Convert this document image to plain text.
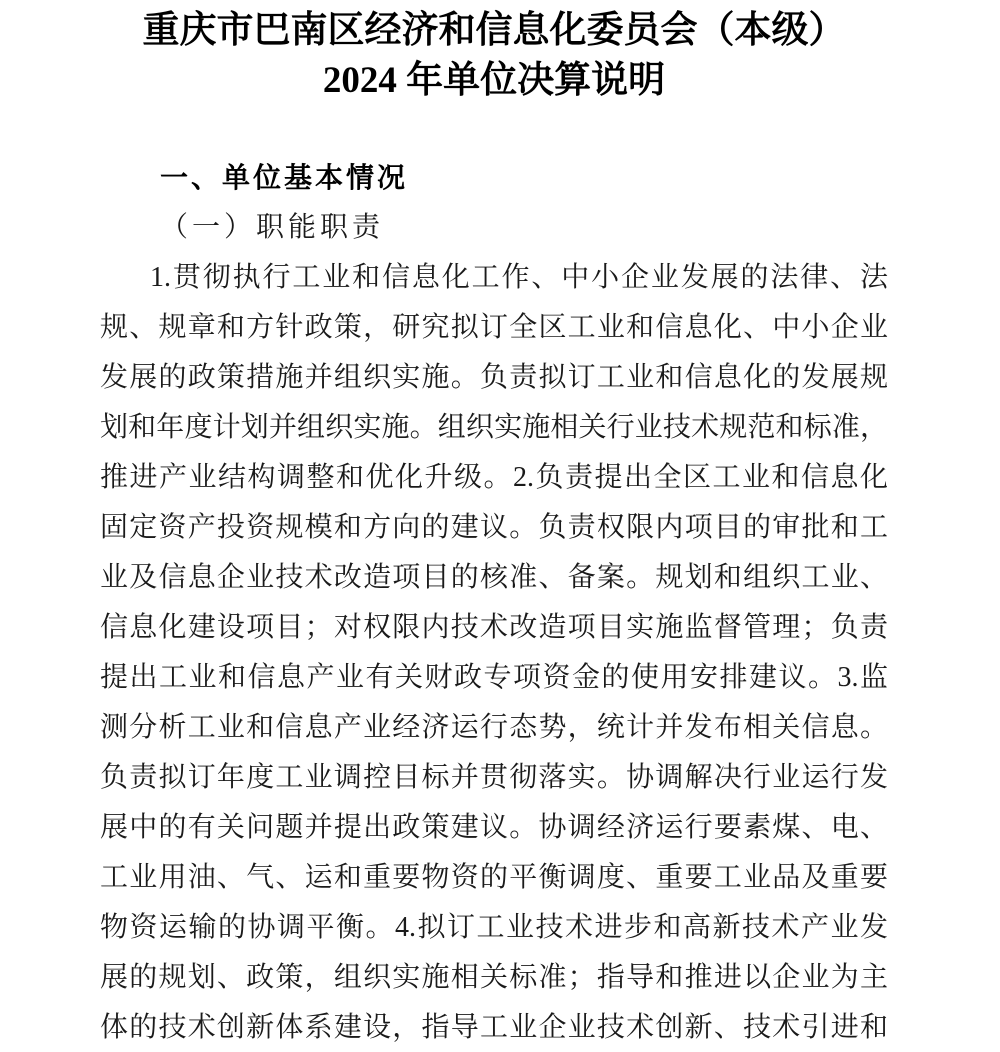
重庆市巴南区经济和信息化委员会（本级）
2024 年单位决算说明
一、单位基本情况
（一）职能职责
1.贯彻执行工业和信息化工作、中小企业发展的法律、法
规、规章和方针政策，研究拟订全区工业和信息化、中小企业
发展的政策措施并组织实施。负责拟订工业和信息化的发展规
划和年度计划并组织实施。组织实施相关行业技术规范和标准，
推进产业结构调整和优化升级。2.负责提出全区工业和信息化
固定资产投资规模和方向的建议。负责权限内项目的审批和工
业及信息企业技术改造项目的核准、备案。规划和组织工业、
信息化建设项目；对权限内技术改造项目实施监督管理；负责
提出工业和信息产业有关财政专项资金的使用安排建议。3.监
测分析工业和信息产业经济运行态势，统计并发布相关信息。
负责拟订年度工业调控目标并贯彻落实。协调解决行业运行发
展中的有关问题并提出政策建议。协调经济运行要素煤、电、
工业用油、气、运和重要物资的平衡调度、重要工业品及重要
物资运输的协调平衡。4.拟订工业技术进步和高新技术产业发
展的规划、政策，组织实施相关标准；指导和推进以企业为主
体的技术创新体系建设，指导工业企业技术创新、技术引进和
